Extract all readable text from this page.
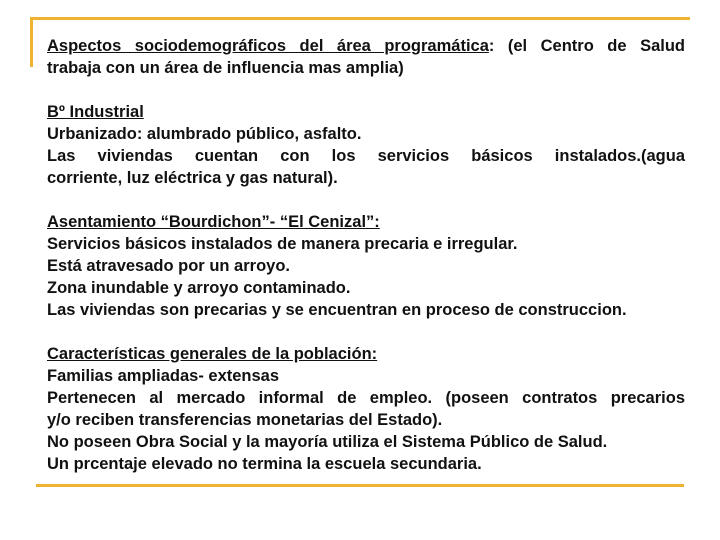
Aspectos sociodemográficos del área programática: (el Centro de Salud
trabaja con un área de influencia mas amplia)
Bº Industrial
Urbanizado: alumbrado público, asfalto.
Las viviendas cuentan con los servicios básicos instalados.(agua
corriente, luz eléctrica y gas natural).
Asentamiento “Bourdichon”- “El Cenizal”:
Servicios básicos instalados de manera precaria e irregular.
Está atravesado por un arroyo.
Zona inundable y arroyo contaminado.
Las viviendas son precarias y se encuentran en proceso de construccion.
Características generales de la población:
Familias ampliadas- extensas
Pertenecen al mercado informal de empleo. (poseen contratos precarios
y/o reciben transferencias monetarias del Estado).
No poseen Obra Social y la mayoría utiliza el Sistema Público de Salud.
Un prcentaje elevado no termina la escuela secundaria.
